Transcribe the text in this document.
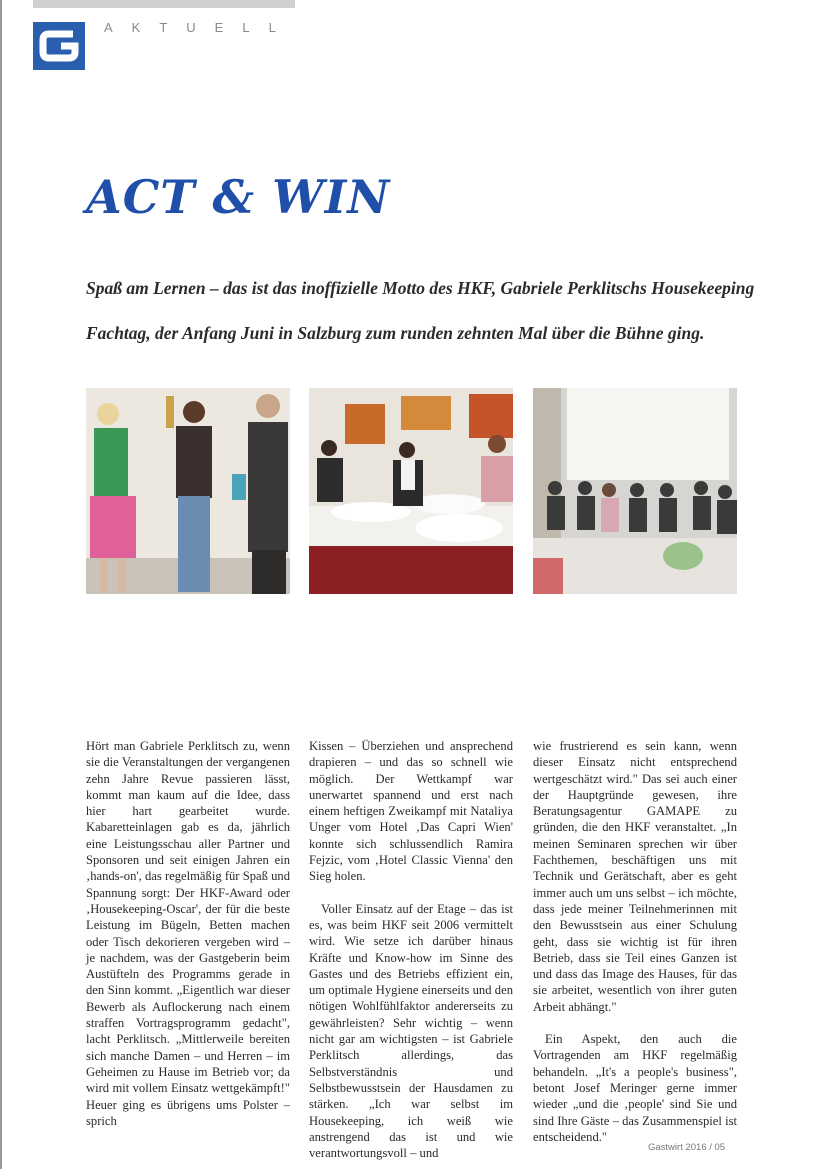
AKTUELL
ACT & WIN
Spaß am Lernen – das ist das inoffizielle Motto des HKF, Gabriele Perklitschs Housekeeping Fachtag, der Anfang Juni in Salzburg zum runden zehnten Mal über die Bühne ging.

Hört man Gabriele Perklitsch zu, wenn sie die Veranstaltungen der vergangenen zehn Jahre Revue passieren lässt, kommt man kaum auf die Idee, dass hier hart gearbeitet wurde. Kabaretteinlagen gab es da, jährlich eine Leistungsschau aller Partner und Sponsoren und seit einigen Jahren ein ‚hands-on', das regelmäßig für Spaß und Spannung sorgt: Der HKF-Award oder ‚Housekeeping-Oscar', der für die beste Leistung im Bügeln, Betten machen oder Tisch dekorieren vergeben wird – je nachdem, was der Gastgeberin beim Austüfteln des Programms gerade in den Sinn kommt. „Eigentlich war dieser Bewerb als Auflockerung nach einem straffen Vortragsprogramm gedacht", lacht Perklitsch. „Mittlerweile bereiten sich manche Damen – und Herren – im Geheimen zu Hause im Betrieb vor; da wird mit vollem Einsatz wettgekämpft!" Heuer ging es übrigens ums Polster – sprich

Kissen – Überziehen und ansprechend drapieren – und das so schnell wie möglich. Der Wettkampf war unerwartet spannend und erst nach einem heftigen Zweikampf mit Nataliya Unger vom Hotel ‚Das Capri Wien' konnte sich schlussendlich Ramira Fejzic, vom ‚Hotel Classic Vienna' den Sieg holen.

Voller Einsatz auf der Etage – das ist es, was beim HKF seit 2006 vermittelt wird. Wie setze ich darüber hinaus Kräfte und Know-how im Sinne des Gastes und des Betriebs effizient ein, um optimale Hygiene einerseits und den nötigen Wohlfühlfaktor andererseits zu gewährleisten? Sehr wichtig – wenn nicht gar am wichtigsten – ist Gabriele Perklitsch allerdings, das Selbstverständnis und Selbstbewusstsein der Hausdamen zu stärken. „Ich war selbst im Housekeeping, ich weiß wie anstrengend das ist und wie verantwortungsvoll – und

wie frustrierend es sein kann, wenn dieser Einsatz nicht entsprechend wertgeschätzt wird." Das sei auch einer der Hauptgründe gewesen, ihre Beratungsagentur GAMAPE zu gründen, die den HKF veranstaltet. „In meinen Seminaren sprechen wir über Fachthemen, beschäftigen uns mit Technik und Gerätschaft, aber es geht immer auch um uns selbst – ich möchte, dass jede meiner Teilnehmerinnen mit den Bewusstsein aus einer Schulung geht, dass sie wichtig ist für ihren Betrieb, dass sie Teil eines Ganzen ist und dass das Image des Hauses, für das sie arbeitet, wesentlich von ihrer guten Arbeit abhängt."

Ein Aspekt, den auch die Vortragenden am HKF regelmäßig behandeln. „It's a people's business", betont Josef Meringer gerne immer wieder „und die ‚people' sind Sie und sind Ihre Gäste – das Zusammenspiel ist entscheidend."

Gastwirt 2016 / 05
